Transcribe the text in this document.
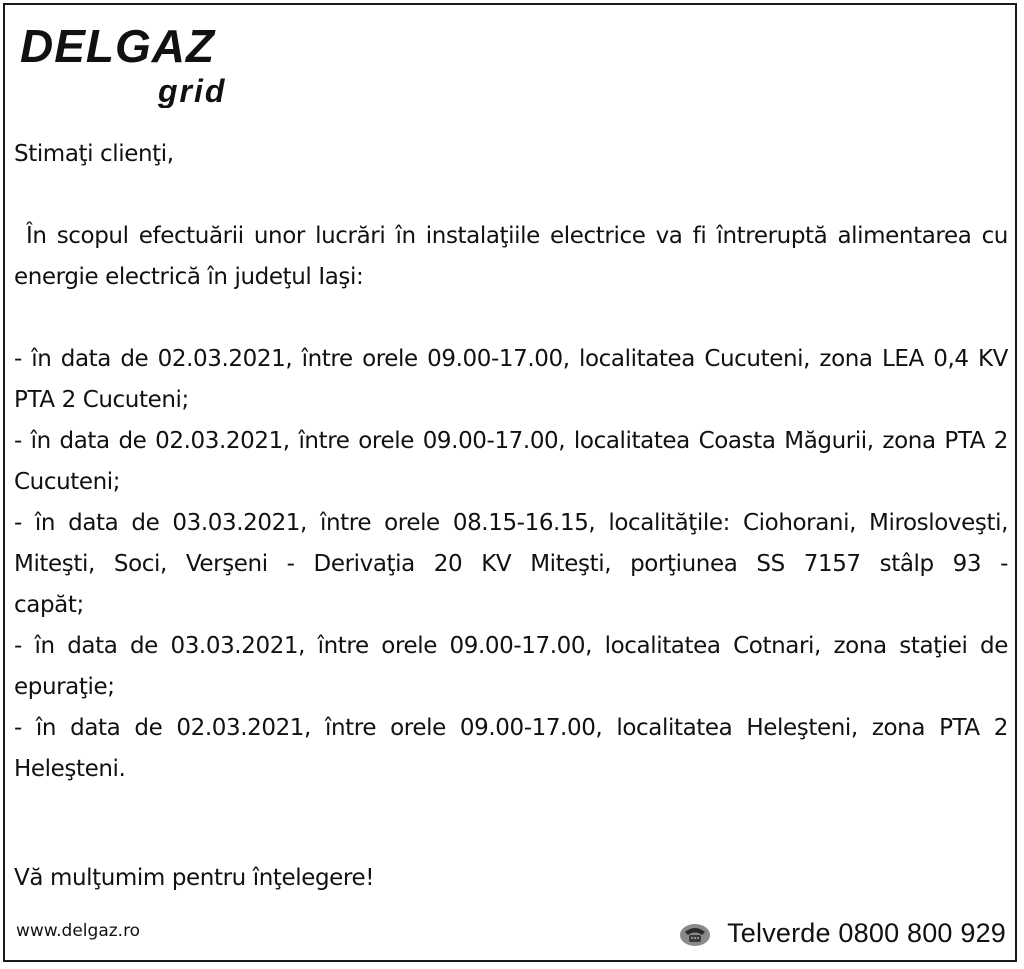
DELGAZ
grid

Stimaţi clienţi,

În scopul efectuării unor lucrări în instalaţiile electrice va fi întreruptă alimentarea cu energie electrică în judeţul Iaşi:

- în data de 02.03.2021, între orele 09.00-17.00, localitatea Cucuteni, zona LEA 0,4 KV PTA 2 Cucuteni;

- în data de 02.03.2021, între orele 09.00-17.00, localitatea Coasta Măgurii, zona PTA 2 Cucuteni;

- în data de 03.03.2021, între orele 08.15-16.15, localităţile: Ciohorani, Mirosloveşti, Miteşti, Soci, Verşeni - Derivaţia 20 KV Miteşti, porţiunea SS 7157 stâlp 93 - capăt;

- în data de 03.03.2021, între orele 09.00-17.00, localitatea Cotnari, zona staţiei de epuraţie;

- în data de 02.03.2021, între orele 09.00-17.00, localitatea Heleşteni, zona PTA 2 Heleşteni.

Vă mulţumim pentru înţelegere!
www.delgaz.ro	Telverde 0800 800 929
